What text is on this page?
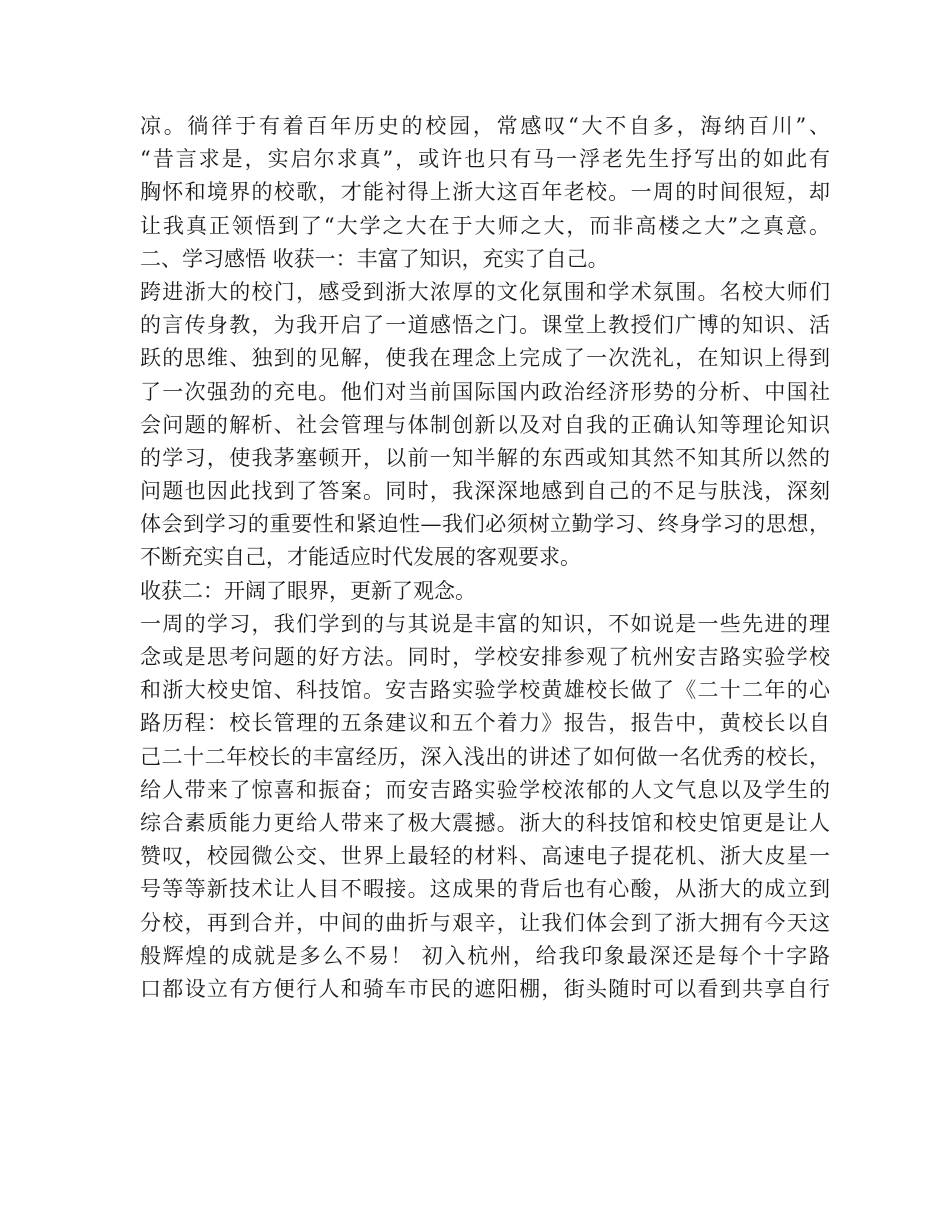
凉。徜徉于有着百年历史的校园，常感叹“大不自多，海纳百川”、
“昔言求是，实启尔求真”，或许也只有马一浮老先生抒写出的如此有
胸怀和境界的校歌，才能衬得上浙大这百年老校。一周的时间很短，却
让我真正领悟到了“大学之大在于大师之大，而非高楼之大”之真意。
二、学习感悟 收获一：丰富了知识，充实了自己。
跨进浙大的校门，感受到浙大浓厚的文化氛围和学术氛围。名校大师们
的言传身教，为我开启了一道感悟之门。课堂上教授们广博的知识、活
跃的思维、独到的见解，使我在理念上完成了一次洗礼，在知识上得到
了一次强劲的充电。他们对当前国际国内政治经济形势的分析、中国社
会问题的解析、社会管理与体制创新以及对自我的正确认知等理论知识
的学习，使我茅塞顿开，以前一知半解的东西或知其然不知其所以然的
问题也因此找到了答案。同时，我深深地感到自己的不足与肤浅，深刻
体会到学习的重要性和紧迫性—我们必须树立勤学习、终身学习的思想，
不断充实自己，才能适应时代发展的客观要求。
收获二：开阔了眼界，更新了观念。
一周的学习，我们学到的与其说是丰富的知识，不如说是一些先进的理
念或是思考问题的好方法。同时，学校安排参观了杭州安吉路实验学校
和浙大校史馆、科技馆。安吉路实验学校黄雄校长做了《二十二年的心
路历程：校长管理的五条建议和五个着力》报告，报告中，黄校长以自
己二十二年校长的丰富经历，深入浅出的讲述了如何做一名优秀的校长，
给人带来了惊喜和振奋；而安吉路实验学校浓郁的人文气息以及学生的
综合素质能力更给人带来了极大震撼。浙大的科技馆和校史馆更是让人
赞叹，校园微公交、世界上最轻的材料、高速电子提花机、浙大皮星一
号等等新技术让人目不暇接。这成果的背后也有心酸，从浙大的成立到
分校，再到合并，中间的曲折与艰辛，让我们体会到了浙大拥有今天这
般辉煌的成就是多么不易！ 初入杭州，给我印象最深还是每个十字路
口都设立有方便行人和骑车市民的遮阳棚，街头随时可以看到共享自行
